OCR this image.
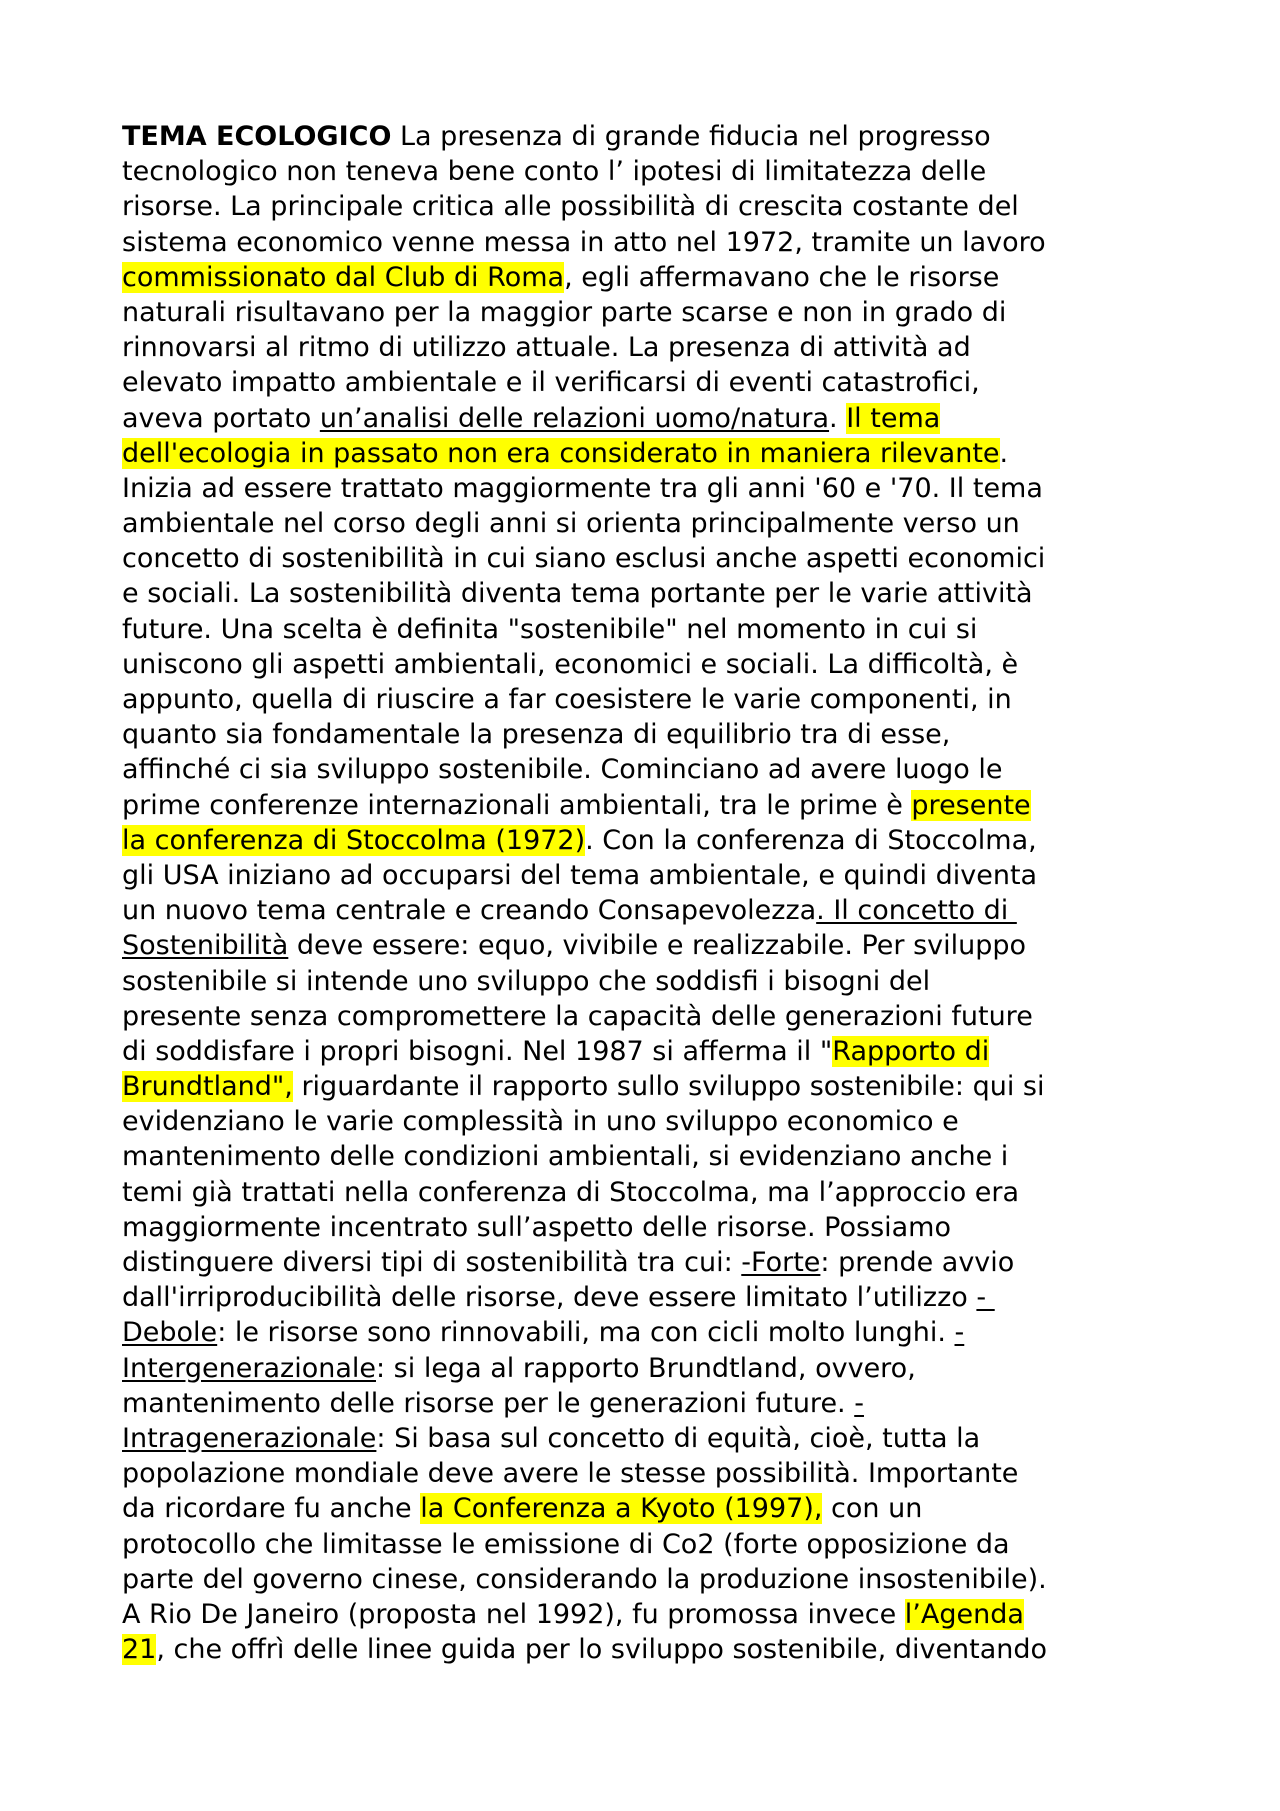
TEMA ECOLOGICO La presenza di grande fiducia nel progresso
tecnologico non teneva bene conto l’ ipotesi di limitatezza delle
risorse. La principale critica alle possibilità di crescita costante del
sistema economico venne messa in atto nel 1972, tramite un lavoro
commissionato dal Club di Roma, egli affermavano che le risorse
naturali risultavano per la maggior parte scarse e non in grado di
rinnovarsi al ritmo di utilizzo attuale. La presenza di attività ad
elevato impatto ambientale e il verificarsi di eventi catastrofici,
aveva portato un’analisi delle relazioni uomo/natura. Il tema
dell'ecologia in passato non era considerato in maniera rilevante.
Inizia ad essere trattato maggiormente tra gli anni '60 e '70. Il tema
ambientale nel corso degli anni si orienta principalmente verso un
concetto di sostenibilità in cui siano esclusi anche aspetti economici
e sociali. La sostenibilità diventa tema portante per le varie attività
future. Una scelta è definita "sostenibile" nel momento in cui si
uniscono gli aspetti ambientali, economici e sociali. La difficoltà, è
appunto, quella di riuscire a far coesistere le varie componenti, in
quanto sia fondamentale la presenza di equilibrio tra di esse,
affinché ci sia sviluppo sostenibile. Cominciano ad avere luogo le
prime conferenze internazionali ambientali, tra le prime è presente
la conferenza di Stoccolma (1972). Con la conferenza di Stoccolma,
gli USA iniziano ad occuparsi del tema ambientale, e quindi diventa
un nuovo tema centrale e creando Consapevolezza. Il concetto di
Sostenibilità deve essere: equo, vivibile e realizzabile. Per sviluppo
sostenibile si intende uno sviluppo che soddisfi i bisogni del
presente senza compromettere la capacità delle generazioni future
di soddisfare i propri bisogni. Nel 1987 si afferma il "Rapporto di
Brundtland", riguardante il rapporto sullo sviluppo sostenibile: qui si
evidenziano le varie complessità in uno sviluppo economico e
mantenimento delle condizioni ambientali, si evidenziano anche i
temi già trattati nella conferenza di Stoccolma, ma l’approccio era
maggiormente incentrato sull’aspetto delle risorse. Possiamo
distinguere diversi tipi di sostenibilità tra cui: -Forte: prende avvio
dall'irriproducibilità delle risorse, deve essere limitato l’utilizzo -
Debole: le risorse sono rinnovabili, ma con cicli molto lunghi. -
Intergenerazionale: si lega al rapporto Brundtland, ovvero,
mantenimento delle risorse per le generazioni future. -
Intragenerazionale: Si basa sul concetto di equità, cioè, tutta la
popolazione mondiale deve avere le stesse possibilità. Importante
da ricordare fu anche la Conferenza a Kyoto (1997), con un
protocollo che limitasse le emissione di Co2 (forte opposizione da
parte del governo cinese, considerando la produzione insostenibile).
A Rio De Janeiro (proposta nel 1992), fu promossa invece l’Agenda
21, che offrì delle linee guida per lo sviluppo sostenibile, diventando
